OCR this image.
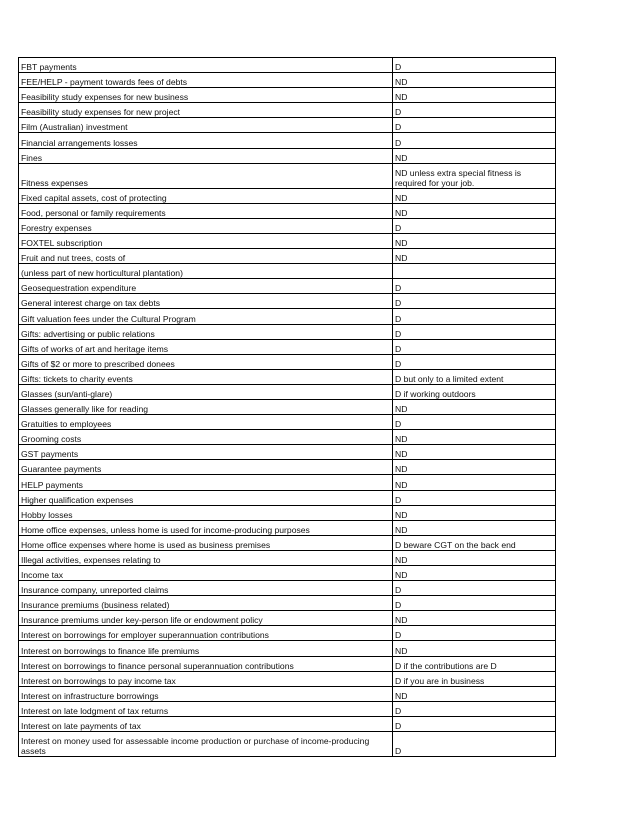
FBT payments	D
FEE/HELP - payment towards fees of debts	ND
Feasibility study expenses for new business	ND
Feasibility study expenses for new project	D
Film (Australian) investment	D
Financial arrangements losses	D
Fines	ND
Fitness expenses	ND unless extra special fitness is required for your job.
Fixed capital assets, cost of protecting	ND
Food, personal or family requirements	ND
Forestry expenses	D
FOXTEL subscription	ND
Fruit and nut trees, costs of	ND
(unless part of new horticultural plantation)	
Geosequestration expenditure	D
General interest charge on tax debts	D
Gift valuation fees under the Cultural Program	D
Gifts: advertising or public relations	D
Gifts of works of art and heritage items	D
Gifts of $2 or more to prescribed donees	D
Gifts: tickets to charity events	D but only to a limited extent
Glasses (sun/anti-glare)	D if working outdoors
Glasses generally like for reading	ND
Gratuities to employees	D
Grooming costs	ND
GST payments	ND
Guarantee payments	ND
HELP payments	ND
Higher qualification expenses	D
Hobby losses	ND
Home office expenses, unless home is used for income-producing purposes	ND
Home office expenses where home is used as business premises	D beware CGT on the back end
Illegal activities, expenses relating to	ND
Income tax	ND
Insurance company, unreported claims	D
Insurance premiums (business related)	D
Insurance premiums under key-person life or endowment policy	ND
Interest on borrowings for employer superannuation contributions	D
Interest on borrowings to finance life premiums	ND
Interest on borrowings to finance personal superannuation contributions	D if the contributions are D
Interest on borrowings to pay income tax	D if you are in business
Interest on infrastructure borrowings	ND
Interest on late lodgment of tax returns	D
Interest on late payments of tax	D
Interest on money used for assessable income production or purchase of income-producing assets	D
